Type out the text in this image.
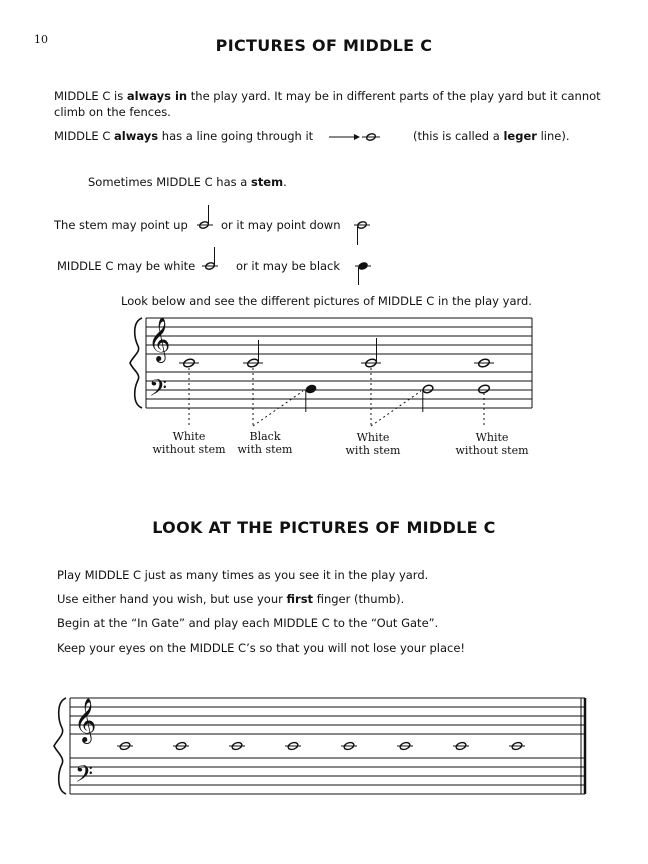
10	PICTURES OF MIDDLE C
MIDDLE C is always in the play yard. It may be in different parts of the play yard but it cannot
climb on the fences.
MIDDLE C always has a line going through it	(this is called a leger line).
Sometimes MIDDLE C has a stem.
The stem may point up	or it may point down
MIDDLE C may be white	or it may be black
Look below and see the different pictures of MIDDLE C in the play yard.
𝄞
𝄢
𝄞
𝄢
White
without stem
Black
with stem
White
with stem
White
without stem
LOOK AT THE PICTURES OF MIDDLE C
Play MIDDLE C just as many times as you see it in the play yard.
Use either hand you wish, but use your first finger (thumb).
Begin at the “In Gate” and play each MIDDLE C to the “Out Gate”.
Keep your eyes on the MIDDLE C’s so that you will not lose your place!
